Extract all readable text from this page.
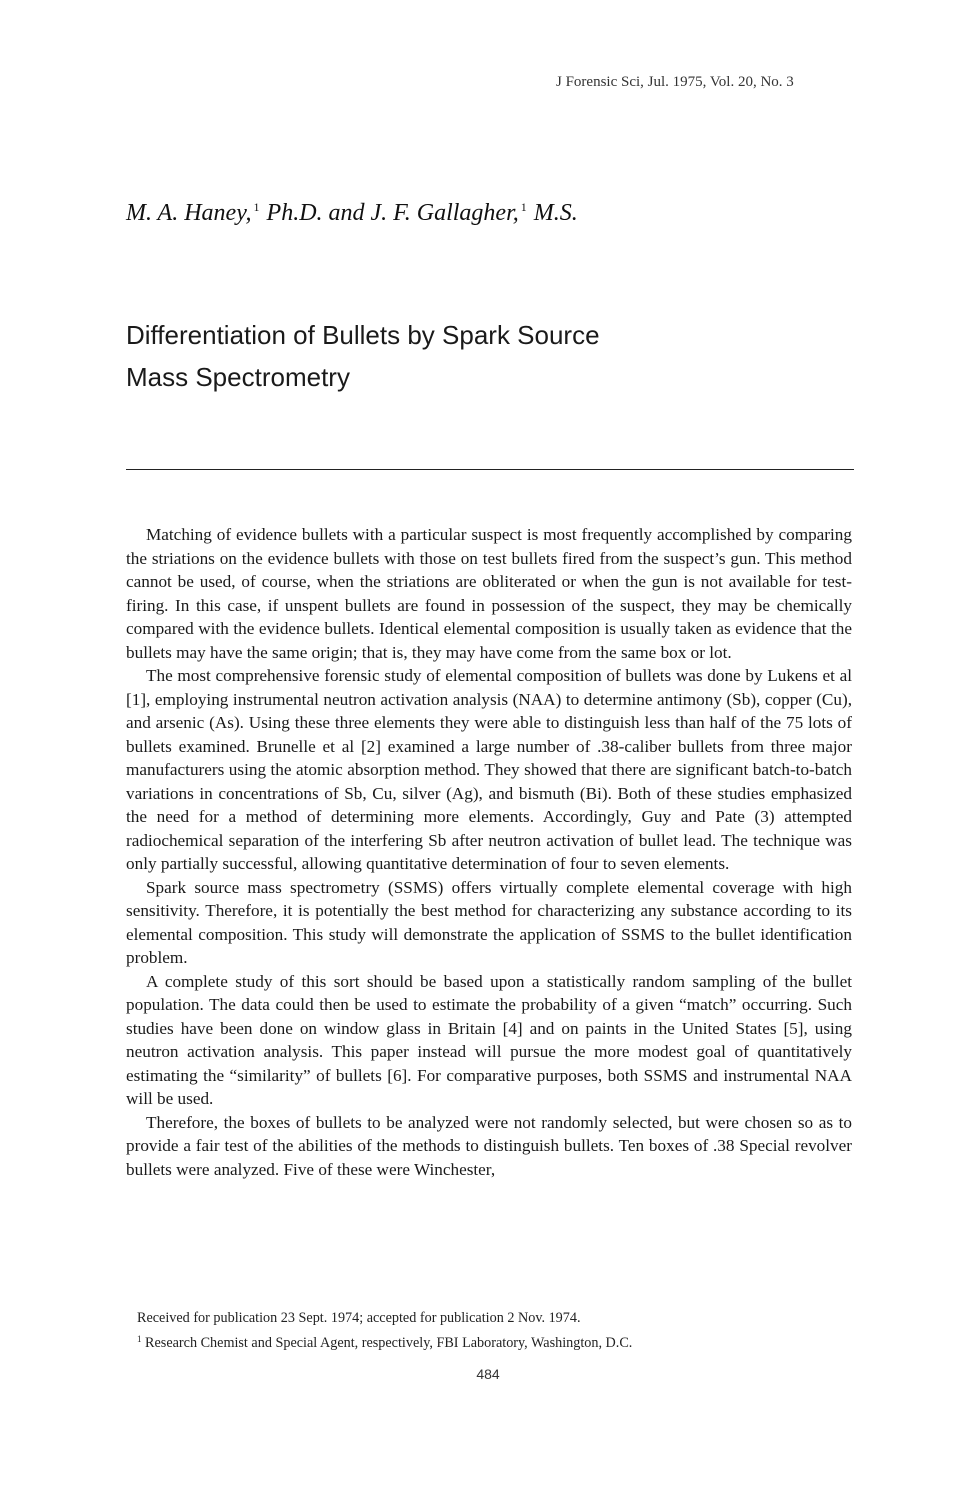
J Forensic Sci, Jul. 1975, Vol. 20, No. 3
M. A. Haney, $^1$ Ph.D. and J. F. Gallagher, $^1$ M.S.
Differentiation of Bullets by Spark Source
Mass Spectrometry

Matching of evidence bullets with a particular suspect is most frequently accomplished by comparing the striations on the evidence bullets with those on test bullets fired from the suspect’s gun. This method cannot be used, of course, when the striations are obliterated or when the gun is not available for test-firing. In this case, if unspent bullets are found in possession of the suspect, they may be chemically compared with the evidence bullets. Identical elemental composition is usually taken as evidence that the bullets may have the same origin; that is, they may have come from the same box or lot.

The most comprehensive forensic study of elemental composition of bullets was done by Lukens et al [1], employing instrumental neutron activation analysis (NAA) to determine antimony (Sb), copper (Cu), and arsenic (As). Using these three elements they were able to distinguish less than half of the 75 lots of bullets examined. Brunelle et al [2] examined a large number of .38-caliber bullets from three major manufacturers using the atomic absorption method. They showed that there are significant batch-to-batch variations in concentrations of Sb, Cu, silver (Ag), and bismuth (Bi). Both of these studies emphasized the need for a method of determining more elements. Accordingly, Guy and Pate (3) attempted radiochemical separation of the interfering Sb after neutron activation of bullet lead. The technique was only partially successful, allowing quantitative determination of four to seven elements.

Spark source mass spectrometry (SSMS) offers virtually complete elemental coverage with high sensitivity. Therefore, it is potentially the best method for characterizing any substance according to its elemental composition. This study will demonstrate the application of SSMS to the bullet identification problem.

A complete study of this sort should be based upon a statistically random sampling of the bullet population. The data could then be used to estimate the probability of a given “match” occurring. Such studies have been done on window glass in Britain [4] and on paints in the United States [5], using neutron activation analysis. This paper instead will pursue the more modest goal of quantitatively estimating the “similarity” of bullets [6]. For comparative purposes, both SSMS and instrumental NAA will be used.

Therefore, the boxes of bullets to be analyzed were not randomly selected, but were chosen so as to provide a fair test of the abilities of the methods to distinguish bullets. Ten boxes of .38 Special revolver bullets were analyzed. Five of these were Winchester,

Received for publication 23 Sept. 1974; accepted for publication 2 Nov. 1974.
$^1$ Research Chemist and Special Agent, respectively, FBI Laboratory, Washington, D.C.
484
